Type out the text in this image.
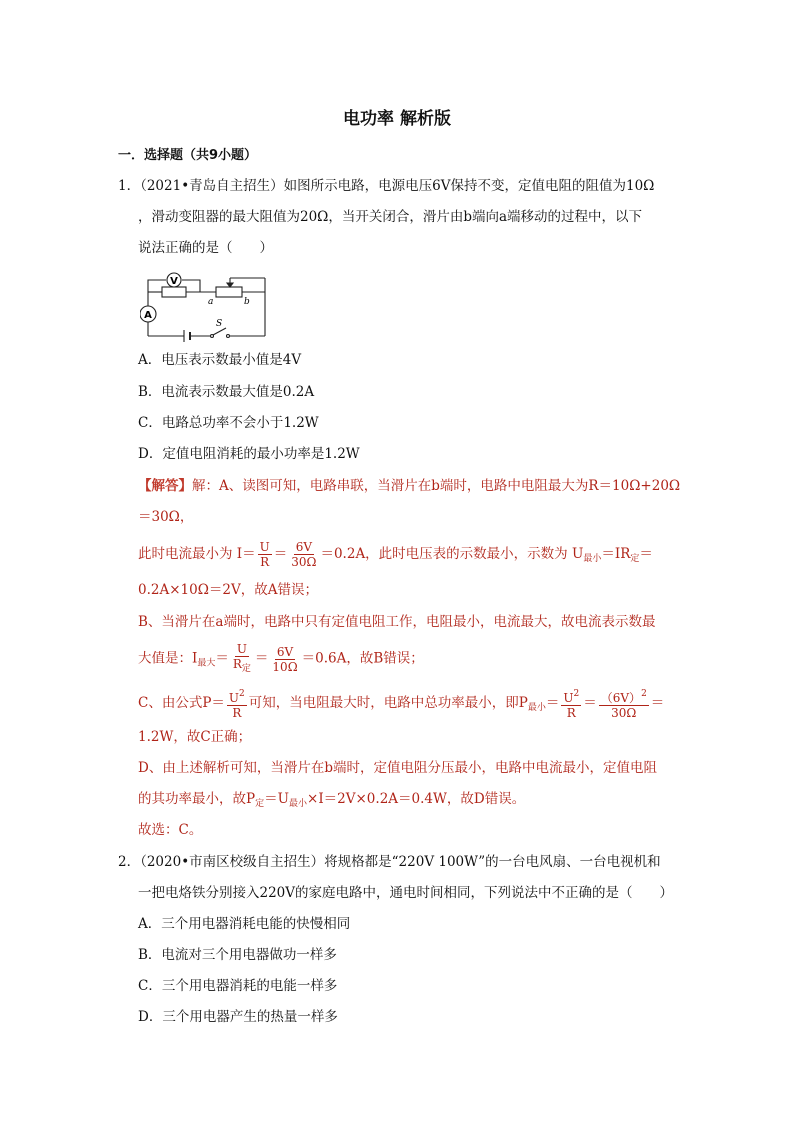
电功率 解析版
一．选择题（共9小题）
1．（2021•青岛自主招生）如图所示电路，电源电压6V保持不变，定值电阻的阻值为10Ω
，滑动变阻器的最大阻值为20Ω，当开关闭合，滑片由b端向a端移动的过程中，以下
说法正确的是（　　）
V
A
a	b
S
A．电压表示数最小值是4V
B．电流表示数最大值是0.2A
C．电路总功率不会小于1.2W
D．定值电阻消耗的最小功率是1.2W
【解答】解：A、读图可知，电路串联，当滑片在b端时，电路中电阻最大为R＝10Ω+20Ω
＝30Ω，
此时电流最小为 $I= \frac{U}{R} = \frac{6V}{30\Omega} =0.2A$，此时电压表的示数最小，示数为 $U_{最小}=IR_定=$
0.2A×10Ω＝2V，故A错误；
B、当滑片在a端时，电路中只有定值电阻工作，电阻最小，电流最大，故电流表示数最
大值是：$I_{最大}= \frac{U}{R_定} = \frac{6V}{10\Omega} =0.6A$，故B错误；
C、由公式$P= \frac{U^2}{R}$ 可知，当电阻最大时，电路中总功率最小，即$P_{最小}= \frac{U^2}{R} = \frac{(6V)^2}{30\Omega}$ ＝
1.2W，故C正确；
D、由上述解析可知，当滑片在b端时，定值电阻分压最小，电路中电流最小，定值电阻
的其功率最小，故$P_定=U_{最小}\times I=2V\times 0.2A=0.4W$，故D错误。
故选：C。
2．（2020•市南区校级自主招生）将规格都是“220V 100W”的一台电风扇、一台电视机和
一把电烙铁分别接入220V的家庭电路中，通电时间相同，下列说法中不正确的是（　　）
A．三个用电器消耗电能的快慢相同
B．电流对三个用电器做功一样多
C．三个用电器消耗的电能一样多
D．三个用电器产生的热量一样多
